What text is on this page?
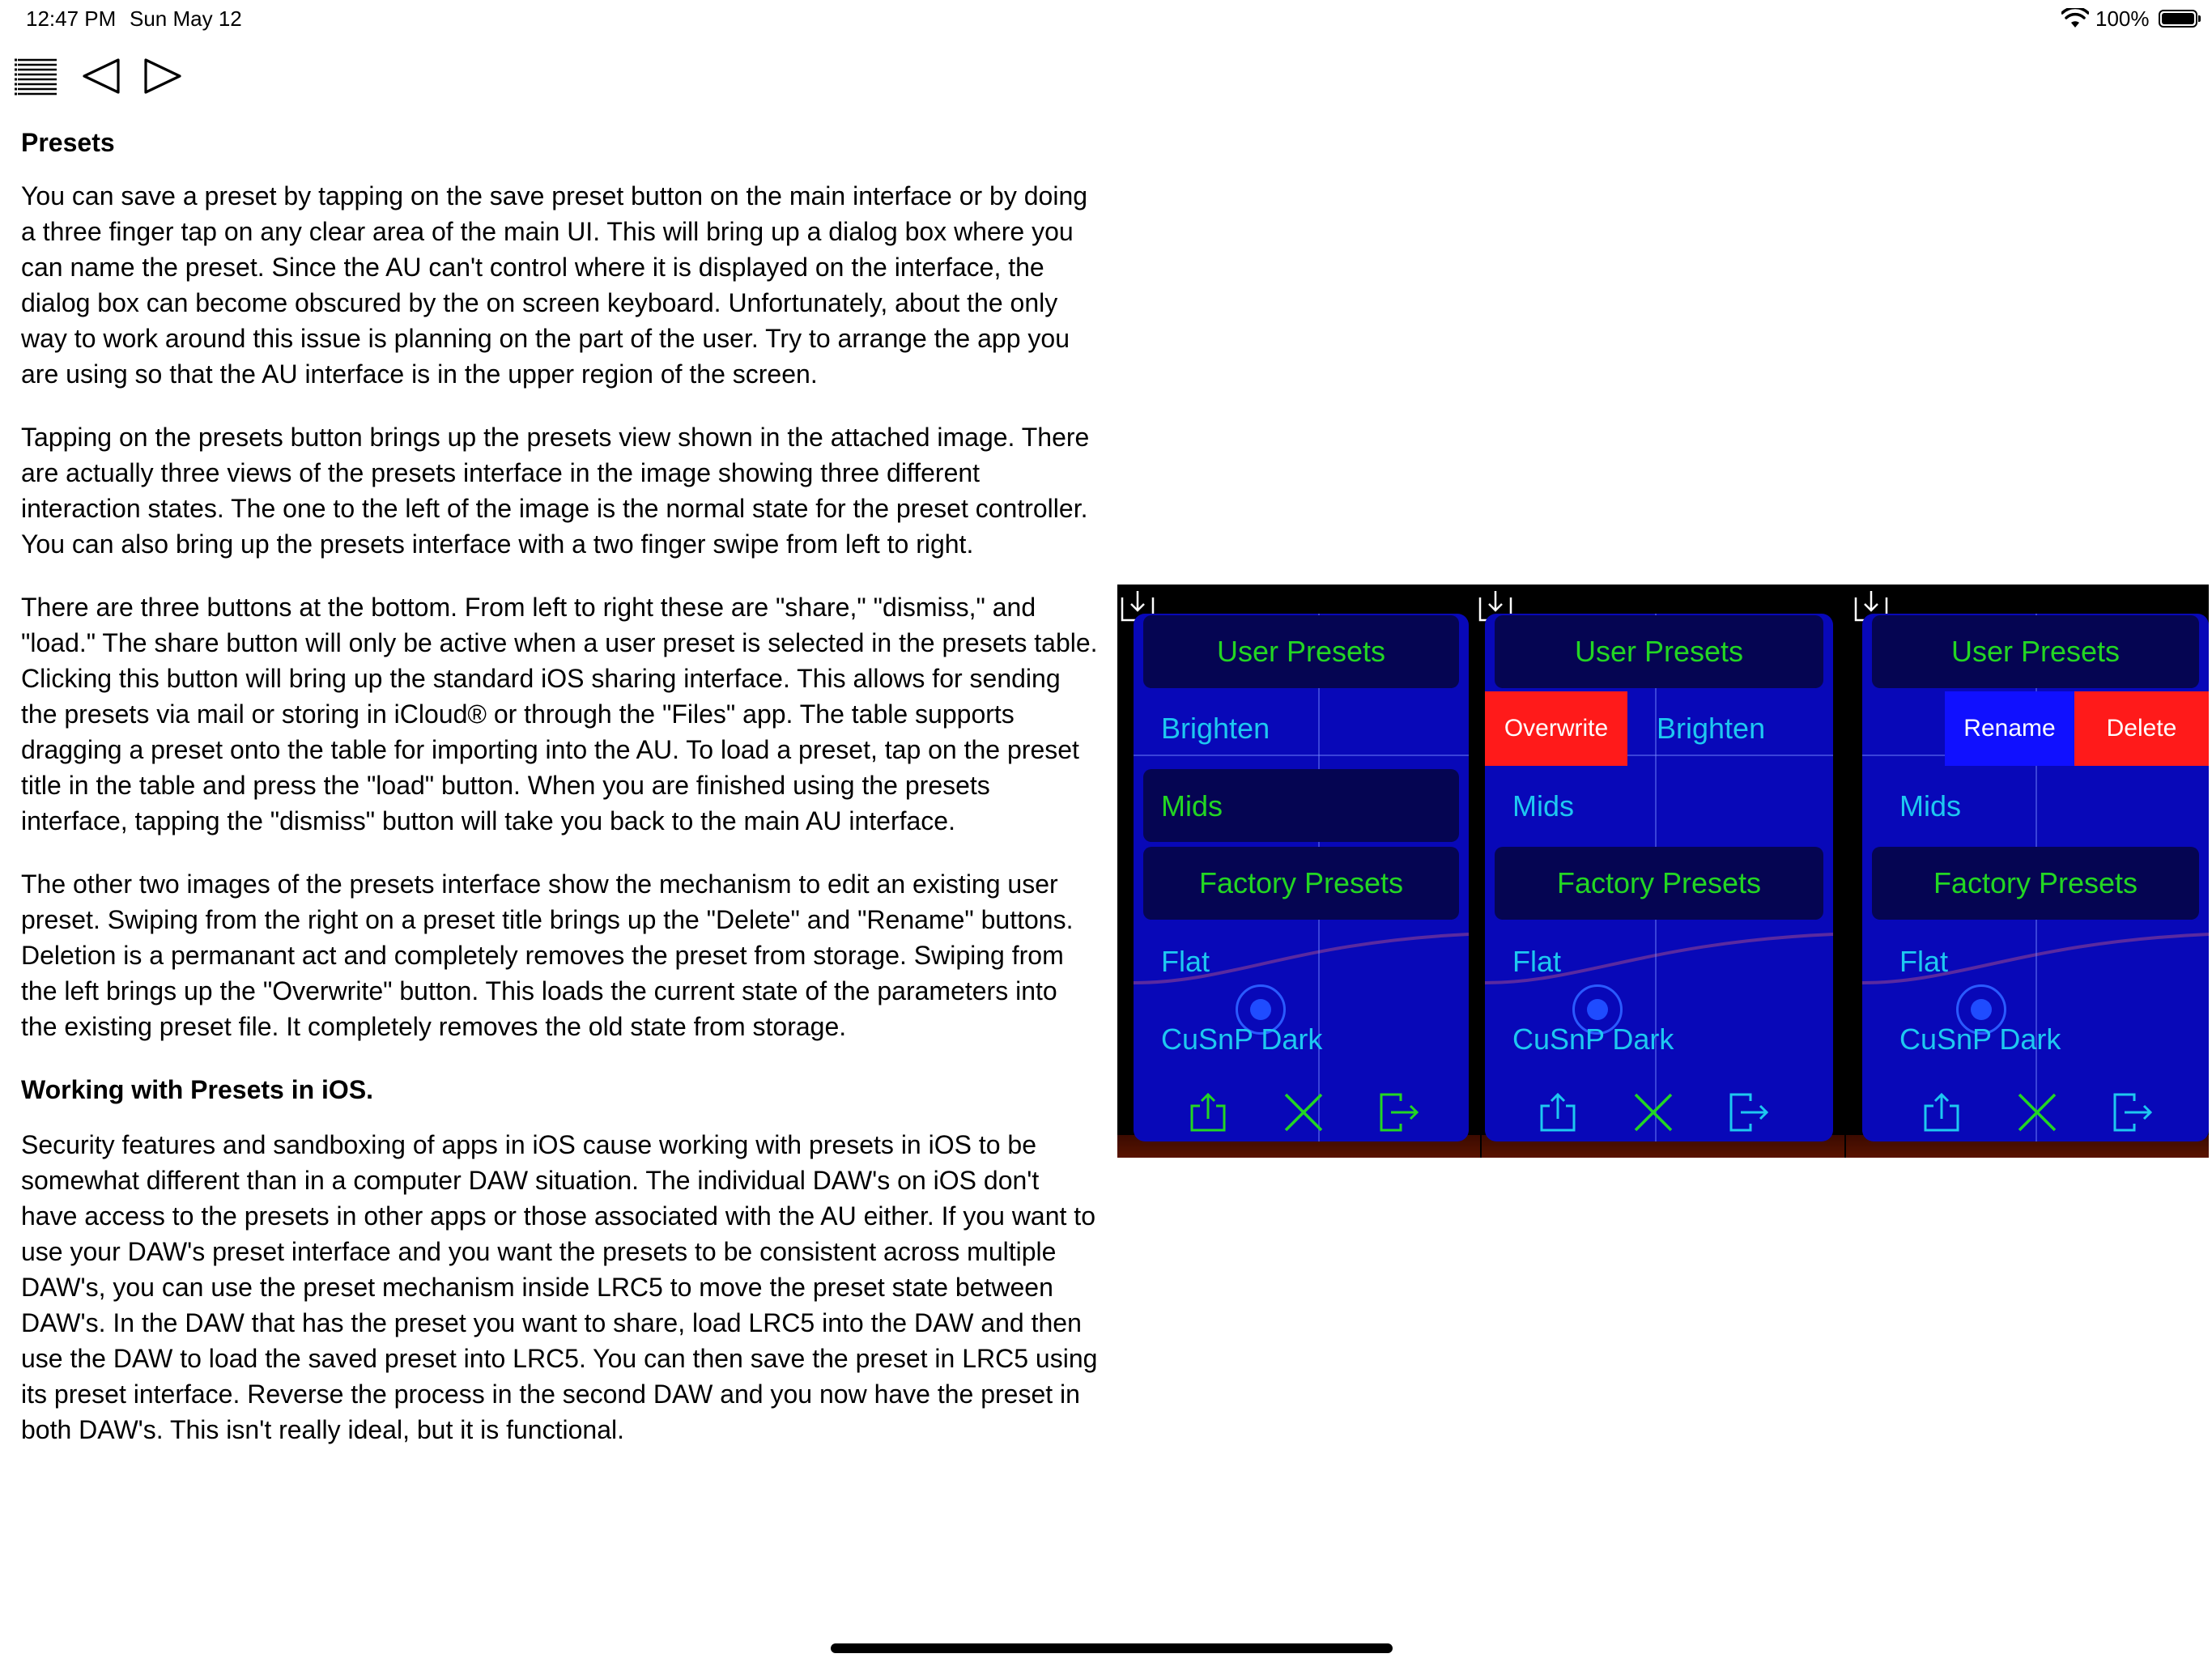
12:47 PM Sun May 12	100%
Presets

You can save a preset by tapping on the save preset button on the main interface or by doing a three finger tap on any clear area of the main UI. This will bring up a dialog box where you can name the preset. Since the AU can't control where it is displayed on the interface, the dialog box can become obscured by the on screen keyboard. Unfortunately, about the only way to work around this issue is planning on the part of the user. Try to arrange the app you are using so that the AU interface is in the upper region of the screen.

Tapping on the presets button brings up the presets view shown in the attached image. There are actually three views of the presets interface in the image showing three different interaction states. The one to the left of the image is the normal state for the preset controller. You can also bring up the presets interface with a two finger swipe from left to right.

There are three buttons at the bottom. From left to right these are "share," "dismiss," and "load." The share button will only be active when a user preset is selected in the presets table. Clicking this button will bring up the standard iOS sharing interface. This allows for sending the presets via mail or storing in iCloud® or through the "Files" app. The table supports dragging a preset onto the table for importing into the AU. To load a preset, tap on the preset title in the table and press the "load" button. When you are finished using the presets interface, tapping the "dismiss" button will take you back to the main AU interface.

The other two images of the presets interface show the mechanism to edit an existing user preset. Swiping from the right on a preset title brings up the "Delete" and "Rename" buttons. Deletion is a permanant act and completely removes the preset from storage. Swiping from the left brings up the "Overwrite" button. This loads the current state of the parameters into the existing preset file. It completely removes the old state from storage.

Working with Presets in iOS.

Security features and sandboxing of apps in iOS cause working with presets in iOS to be somewhat different than in a computer DAW situation. The individual DAW's on iOS don't have access to the presets in other apps or those associated with the AU either. If you want to use your DAW's preset interface and you want the presets to be consistent across multiple DAW's, you can use the preset mechanism inside LRC5 to move the preset state between DAW's. In the DAW that has the preset you want to share, load LRC5 into the DAW and then use the DAW to load the saved preset into LRC5. You can then save the preset in LRC5 using its preset interface. Reverse the process in the second DAW and you now have the preset in both DAW's. This isn't really ideal, but it is functional.

User Presets
Brighten
Mids
Factory Presets
Flat
CuSnP Dark
User Presets
Overwrite	Brighten
Mids
Factory Presets
Flat
CuSnP Dark
User Presets
Rename	Delete
Mids
Factory Presets
Flat
CuSnP Dark
